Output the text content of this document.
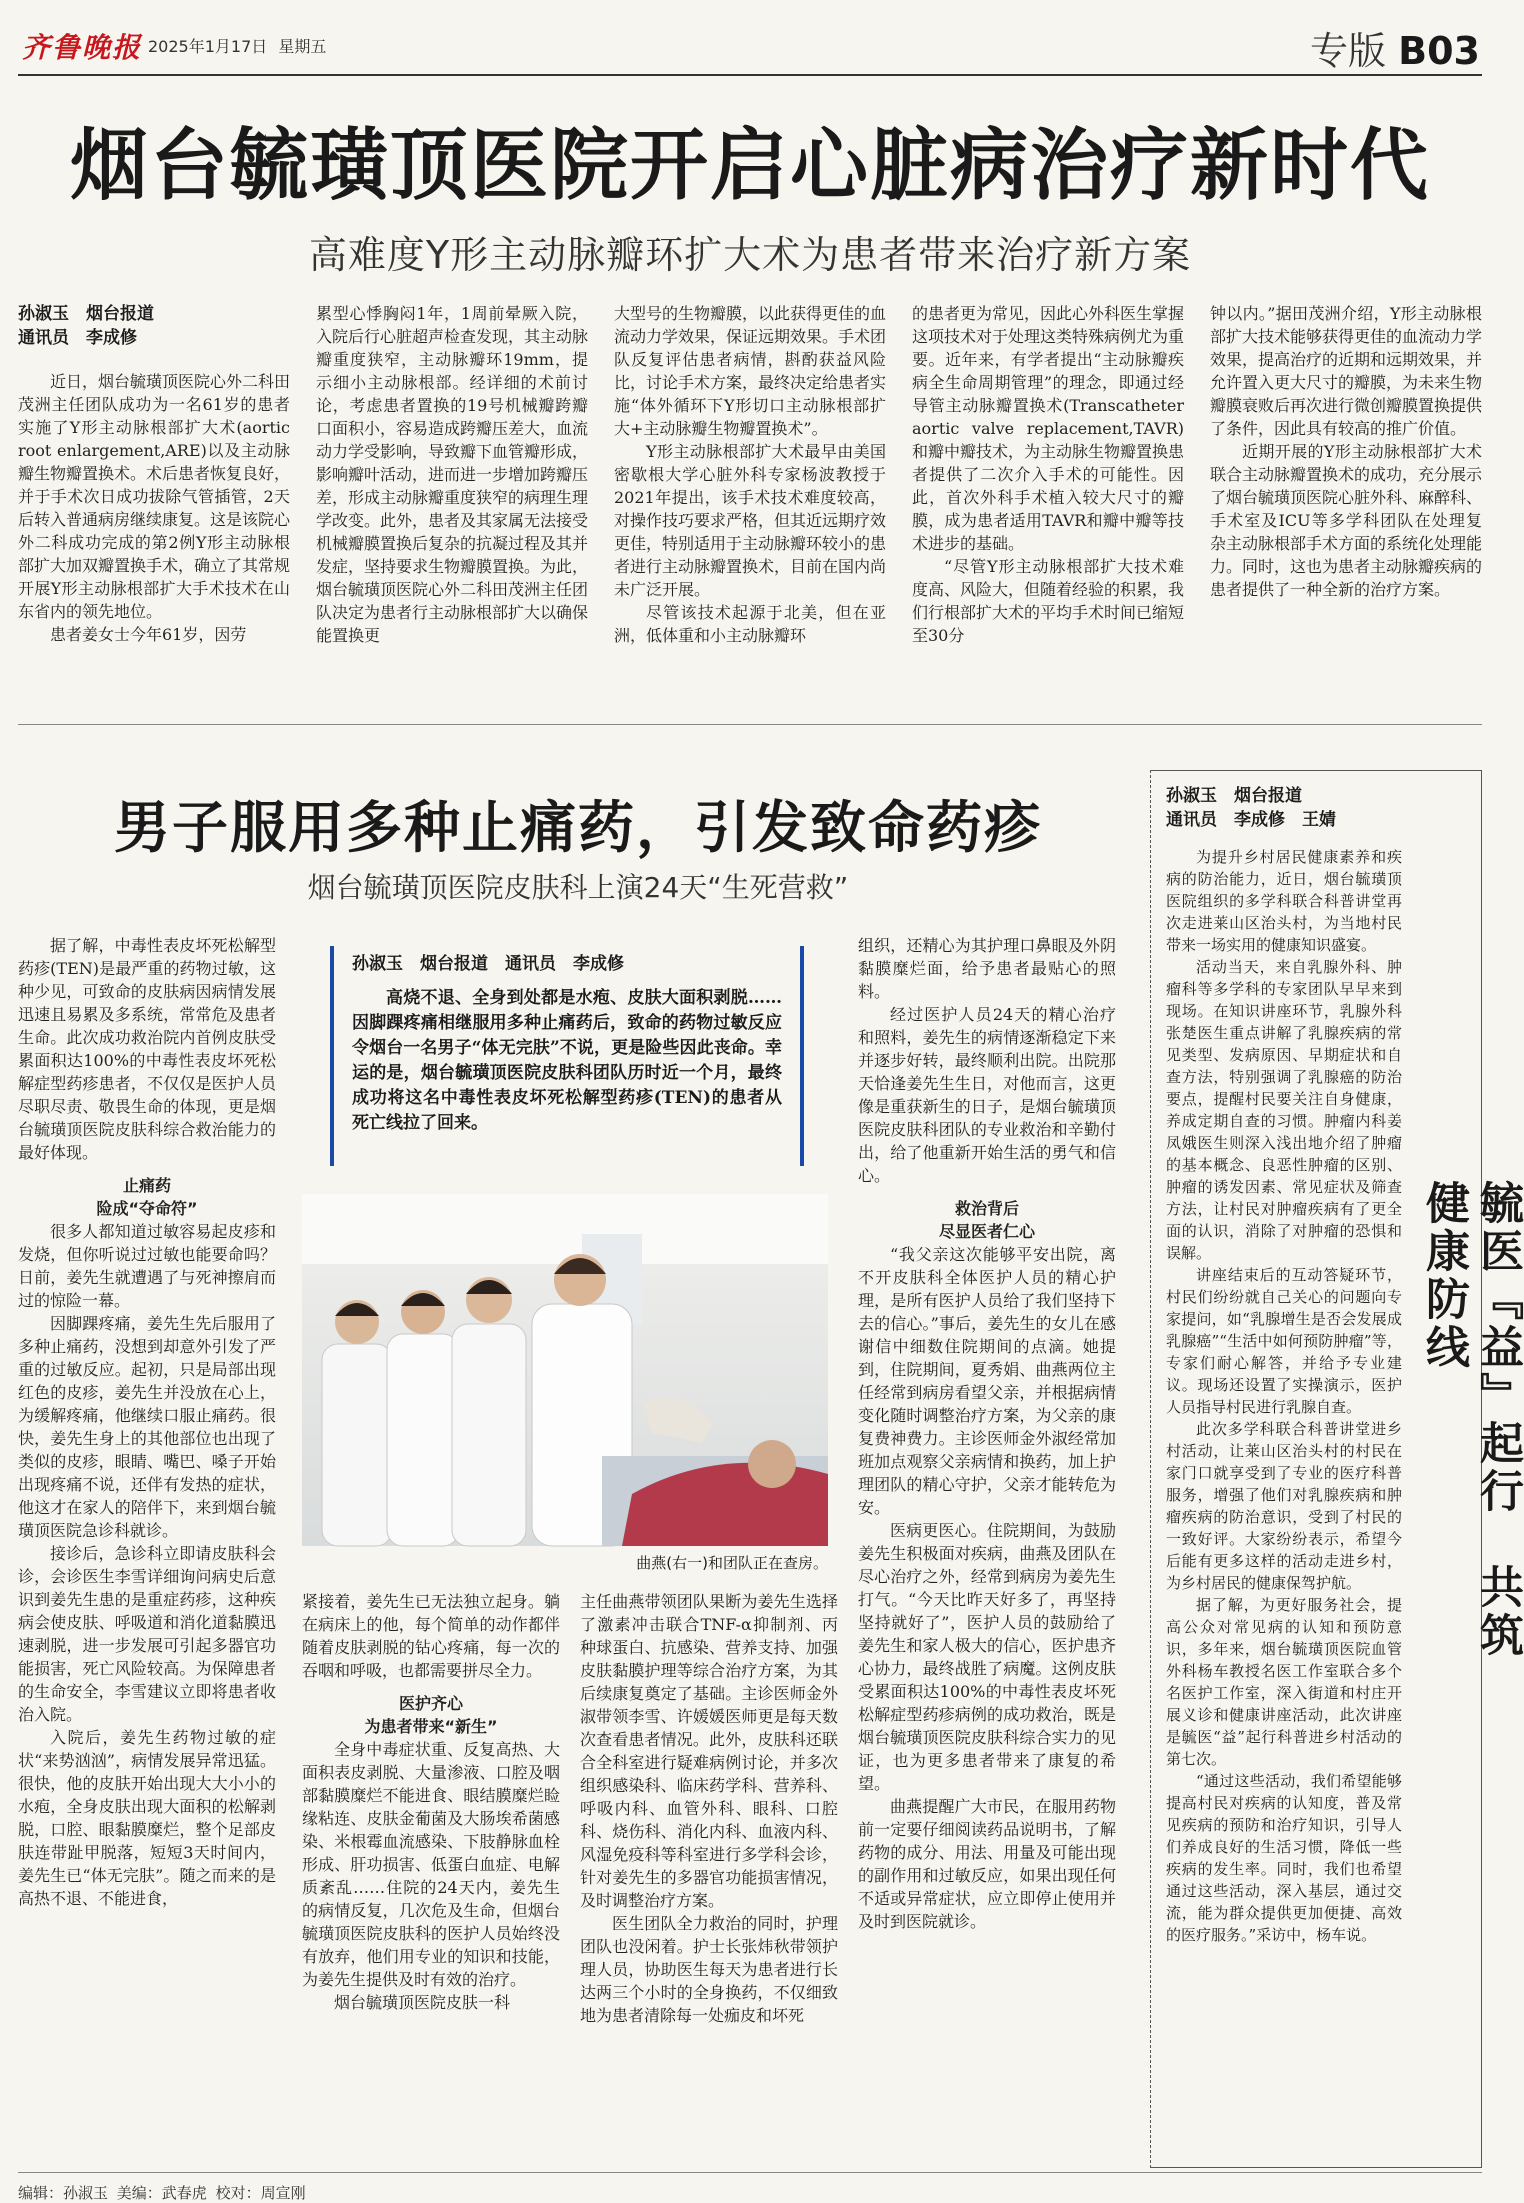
齐鲁晚报 2025年1月17日 星期五	专版 B03
烟台毓璜顶医院开启心脏病治疗新时代
高难度Y形主动脉瓣环扩大术为患者带来治疗新方案
孙淑玉　烟台报道
通讯员　李成修

近日，烟台毓璜顶医院心外二科田茂洲主任团队成功为一名61岁的患者实施了Y形主动脉根部扩大术(aortic root enlargement,ARE)以及主动脉瓣生物瓣置换术。术后患者恢复良好，并于手术次日成功拔除气管插管，2天后转入普通病房继续康复。这是该院心外二科成功完成的第2例Y形主动脉根部扩大加双瓣置换手术，确立了其常规开展Y形主动脉根部扩大手术技术在山东省内的领先地位。

患者姜女士今年61岁，因劳

累型心悸胸闷1年，1周前晕厥入院，入院后行心脏超声检查发现，其主动脉瓣重度狭窄，主动脉瓣环19mm，提示细小主动脉根部。经详细的术前讨论，考虑患者置换的19号机械瓣跨瓣口面积小，容易造成跨瓣压差大，血流动力学受影响，导致瓣下血管瓣形成，影响瓣叶活动，进而进一步增加跨瓣压差，形成主动脉瓣重度狭窄的病理生理学改变。此外，患者及其家属无法接受机械瓣膜置换后复杂的抗凝过程及其并发症，坚持要求生物瓣膜置换。为此，烟台毓璜顶医院心外二科田茂洲主任团队决定为患者行主动脉根部扩大以确保能置换更

大型号的生物瓣膜，以此获得更佳的血流动力学效果，保证远期效果。手术团队反复评估患者病情，斟酌获益风险比，讨论手术方案，最终决定给患者实施“体外循环下Y形切口主动脉根部扩大+主动脉瓣生物瓣置换术”。

Y形主动脉根部扩大术最早由美国密歇根大学心脏外科专家杨波教授于2021年提出，该手术技术难度较高，对操作技巧要求严格，但其近远期疗效更佳，特别适用于主动脉瓣环较小的患者进行主动脉瓣置换术，目前在国内尚未广泛开展。

尽管该技术起源于北美，但在亚洲，低体重和小主动脉瓣环

的患者更为常见，因此心外科医生掌握这项技术对于处理这类特殊病例尤为重要。近年来，有学者提出“主动脉瓣疾病全生命周期管理”的理念，即通过经导管主动脉瓣置换术(Transcatheter aortic valve replacement,TAVR)和瓣中瓣技术，为主动脉生物瓣置换患者提供了二次介入手术的可能性。因此，首次外科手术植入较大尺寸的瓣膜，成为患者适用TAVR和瓣中瓣等技术进步的基础。

“尽管Y形主动脉根部扩大技术难度高、风险大，但随着经验的积累，我们行根部扩大术的平均手术时间已缩短至30分

钟以内。”据田茂洲介绍，Y形主动脉根部扩大技术能够获得更佳的血流动力学效果，提高治疗的近期和远期效果，并允许置入更大尺寸的瓣膜，为未来生物瓣膜衰败后再次进行微创瓣膜置换提供了条件，因此具有较高的推广价值。

近期开展的Y形主动脉根部扩大术联合主动脉瓣置换术的成功，充分展示了烟台毓璜顶医院心脏外科、麻醉科、手术室及ICU等多学科团队在处理复杂主动脉根部手术方面的系统化处理能力。同时，这也为患者主动脉瓣疾病的患者提供了一种全新的治疗方案。

男子服用多种止痛药，引发致命药疹
烟台毓璜顶医院皮肤科上演24天“生死营救”

据了解，中毒性表皮坏死松解型药疹(TEN)是最严重的药物过敏，这种少见，可致命的皮肤病因病情发展迅速且易累及多系统，常常危及患者生命。此次成功救治院内首例皮肤受累面积达100%的中毒性表皮坏死松解症型药疹患者，不仅仅是医护人员尽职尽责、敬畏生命的体现，更是烟台毓璜顶医院皮肤科综合救治能力的最好体现。

止痛药
险成“夺命符”

很多人都知道过敏容易起皮疹和发烧，但你听说过过敏也能要命吗？日前，姜先生就遭遇了与死神擦肩而过的惊险一幕。

因脚踝疼痛，姜先生先后服用了多种止痛药，没想到却意外引发了严重的过敏反应。起初，只是局部出现红色的皮疹，姜先生并没放在心上，为缓解疼痛，他继续口服止痛药。很快，姜先生身上的其他部位也出现了类似的皮疹，眼睛、嘴巴、嗓子开始出现疼痛不说，还伴有发热的症状，他这才在家人的陪伴下，来到烟台毓璜顶医院急诊科就诊。

接诊后，急诊科立即请皮肤科会诊，会诊医生李雪详细询问病史后意识到姜先生患的是重症药疹，这种疾病会使皮肤、呼吸道和消化道黏膜迅速剥脱，进一步发展可引起多器官功能损害，死亡风险较高。为保障患者的生命安全，李雪建议立即将患者收治入院。

入院后，姜先生药物过敏的症状“来势汹汹”，病情发展异常迅猛。很快，他的皮肤开始出现大大小小的水疱，全身皮肤出现大面积的松解剥脱，口腔、眼黏膜糜烂，整个足部皮肤连带趾甲脱落，短短3天时间内，姜先生已“体无完肤”。随之而来的是高热不退、不能进食，

孙淑玉　烟台报道　通讯员　李成修
高烧不退、全身到处都是水疱、皮肤大面积剥脱……因脚踝疼痛相继服用多种止痛药后，致命的药物过敏反应令烟台一名男子“体无完肤”不说，更是险些因此丧命。幸运的是，烟台毓璜顶医院皮肤科团队历时近一个月，最终成功将这名中毒性表皮坏死松解型药疹(TEN)的患者从死亡线拉了回来。
曲燕(右一)和团队正在查房。

紧接着，姜先生已无法独立起身。躺在病床上的他，每个简单的动作都伴随着皮肤剥脱的钻心疼痛，每一次的吞咽和呼吸，也都需要拼尽全力。

医护齐心
为患者带来“新生”

全身中毒症状重、反复高热、大面积表皮剥脱、大量渗液、口腔及咽部黏膜糜烂不能进食、眼结膜糜烂睑缘粘连、皮肤金葡菌及大肠埃希菌感染、米根霉血流感染、下肢静脉血栓形成、肝功损害、低蛋白血症、电解质紊乱……住院的24天内，姜先生的病情反复，几次危及生命，但烟台毓璜顶医院皮肤科的医护人员始终没有放弃，他们用专业的知识和技能，为姜先生提供及时有效的治疗。

烟台毓璜顶医院皮肤一科

主任曲燕带领团队果断为姜先生选择了激素冲击联合TNF-α抑制剂、丙种球蛋白、抗感染、营养支持、加强皮肤黏膜护理等综合治疗方案，为其后续康复奠定了基础。主诊医师金外淑带领李雪、许媛媛医师更是每天数次查看患者情况。此外，皮肤科还联合全科室进行疑难病例讨论，并多次组织感染科、临床药学科、营养科、呼吸内科、血管外科、眼科、口腔科、烧伤科、消化内科、血液内科、风湿免疫科等科室进行多学科会诊，针对姜先生的多器官功能损害情况，及时调整治疗方案。

医生团队全力救治的同时，护理团队也没闲着。护士长张炜秋带领护理人员，协助医生每天为患者进行长达两三个小时的全身换药，不仅细致地为患者清除每一处痂皮和坏死

组织，还精心为其护理口鼻眼及外阴黏膜糜烂面，给予患者最贴心的照料。

经过医护人员24天的精心治疗和照料，姜先生的病情逐渐稳定下来并逐步好转，最终顺利出院。出院那天恰逢姜先生生日，对他而言，这更像是重获新生的日子，是烟台毓璜顶医院皮肤科团队的专业救治和辛勤付出，给了他重新开始生活的勇气和信心。

救治背后
尽显医者仁心

“我父亲这次能够平安出院，离不开皮肤科全体医护人员的精心护理，是所有医护人员给了我们坚持下去的信心。”事后，姜先生的女儿在感谢信中细数住院期间的点滴。她提到，住院期间，夏秀娟、曲燕两位主任经常到病房看望父亲，并根据病情变化随时调整治疗方案，为父亲的康复费神费力。主诊医师金外淑经常加班加点观察父亲病情和换药，加上护理团队的精心守护，父亲才能转危为安。

医病更医心。住院期间，为鼓励姜先生积极面对疾病，曲燕及团队在尽心治疗之外，经常到病房为姜先生打气。“今天比昨天好多了，再坚持坚持就好了”，医护人员的鼓励给了姜先生和家人极大的信心，医护患齐心协力，最终战胜了病魔。这例皮肤受累面积达100%的中毒性表皮坏死松解症型药疹病例的成功救治，既是烟台毓璜顶医院皮肤科综合实力的见证，也为更多患者带来了康复的希望。

曲燕提醒广大市民，在服用药物前一定要仔细阅读药品说明书，了解药物的成分、用法、用量及可能出现的副作用和过敏反应，如果出现任何不适或异常症状，应立即停止使用并及时到医院就诊。

孙淑玉　烟台报道
通讯员　李成修　王婧

为提升乡村居民健康素养和疾病的防治能力，近日，烟台毓璜顶医院组织的多学科联合科普讲堂再次走进莱山区治头村，为当地村民带来一场实用的健康知识盛宴。

活动当天，来自乳腺外科、肿瘤科等多学科的专家团队早早来到现场。在知识讲座环节，乳腺外科张楚医生重点讲解了乳腺疾病的常见类型、发病原因、早期症状和自查方法，特别强调了乳腺癌的防治要点，提醒村民要关注自身健康，养成定期自查的习惯。肿瘤内科姜凤娥医生则深入浅出地介绍了肿瘤的基本概念、良恶性肿瘤的区别、肿瘤的诱发因素、常见症状及筛查方法，让村民对肿瘤疾病有了更全面的认识，消除了对肿瘤的恐惧和误解。

讲座结束后的互动答疑环节，村民们纷纷就自己关心的问题向专家提问，如“乳腺增生是否会发展成乳腺癌”“生活中如何预防肿瘤”等，专家们耐心解答，并给予专业建议。现场还设置了实操演示，医护人员指导村民进行乳腺自查。

此次多学科联合科普讲堂进乡村活动，让莱山区治头村的村民在家门口就享受到了专业的医疗科普服务，增强了他们对乳腺疾病和肿瘤疾病的防治意识，受到了村民的一致好评。大家纷纷表示，希望今后能有更多这样的活动走进乡村，为乡村居民的健康保驾护航。

据了解，为更好服务社会，提高公众对常见病的认知和预防意识，多年来，烟台毓璜顶医院血管外科杨车教授名医工作室联合多个名医护工作室，深入街道和村庄开展义诊和健康讲座活动，此次讲座是毓医“益”起行科普进乡村活动的第七次。

“通过这些活动，我们希望能够提高村民对疾病的认知度，普及常见疾病的预防和治疗知识，引导人们养成良好的生活习惯，降低一些疾病的发生率。同时，我们也希望通过这些活动，深入基层，通过交流，能为群众提供更加便捷、高效的医疗服务。”采访中，杨车说。

毓医『益』起行　共筑健康防线
编辑：孙淑玉 美编：武春虎 校对：周宣刚
